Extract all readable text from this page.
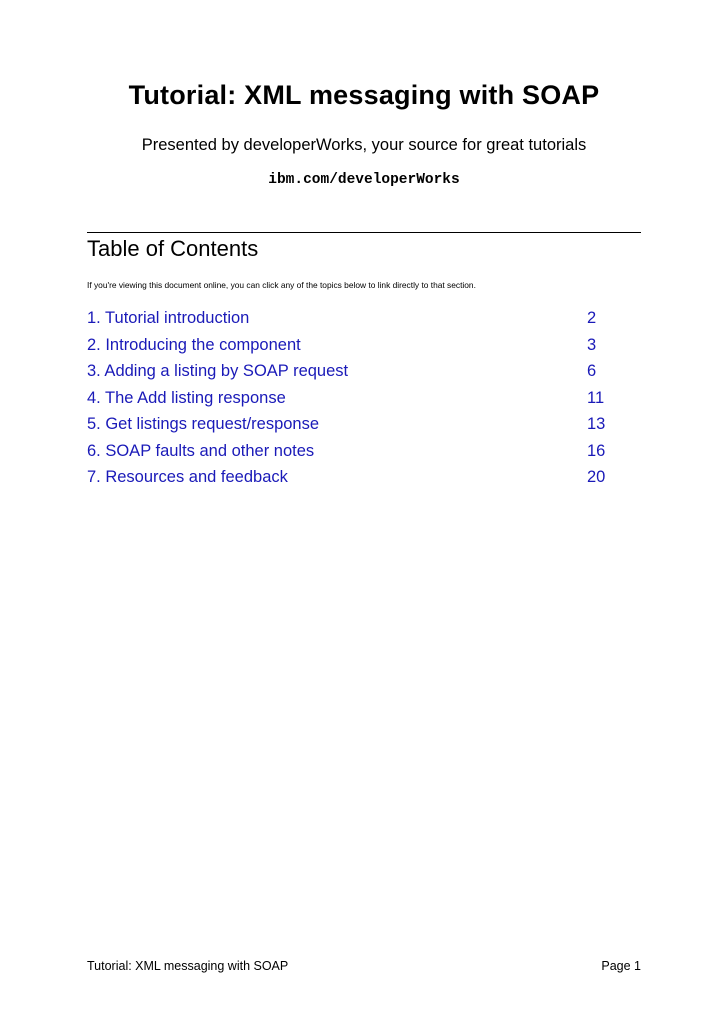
Tutorial: XML messaging with SOAP
Presented by developerWorks, your source for great tutorials
ibm.com/developerWorks
Table of Contents
If you're viewing this document online, you can click any of the topics below to link directly to that section.
1. Tutorial introduction	2
2. Introducing the component	3
3. Adding a listing by SOAP request	6
4. The Add listing response	11
5. Get listings request/response	13
6. SOAP faults and other notes	16
7. Resources and feedback	20
Tutorial: XML messaging with SOAP	Page 1
